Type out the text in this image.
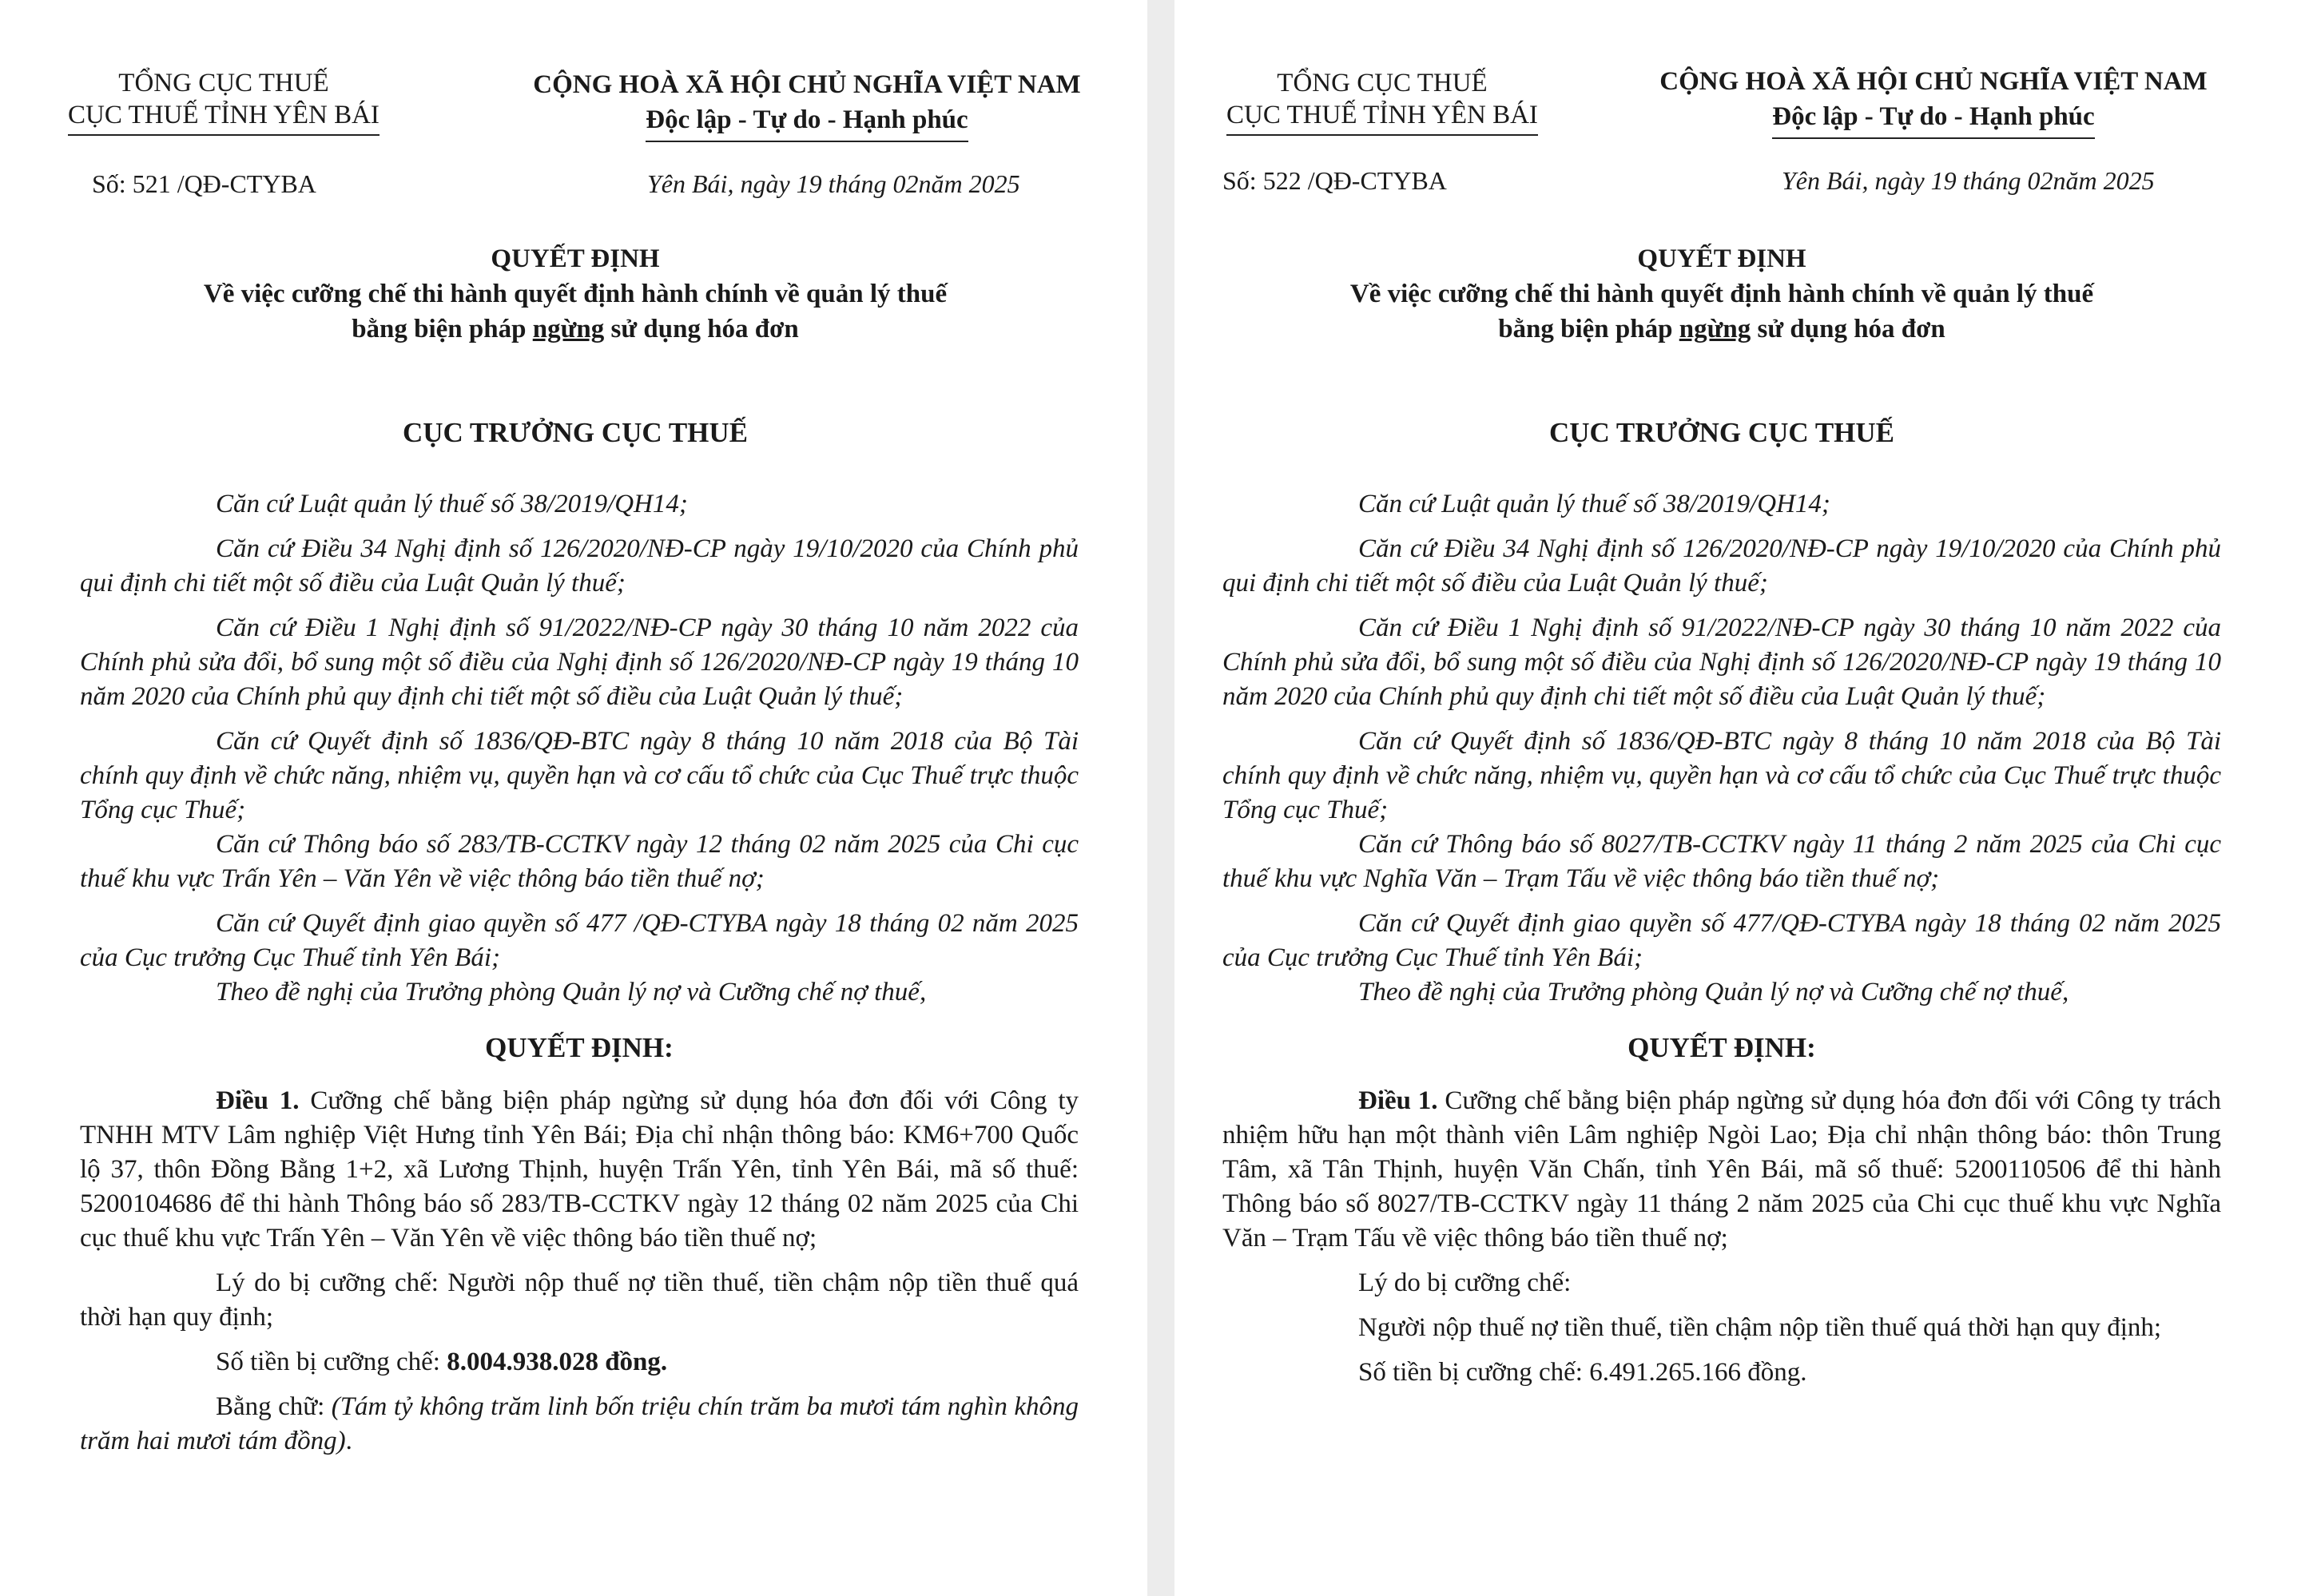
TỔNG CỤC THUẾ
CỤC THUẾ TỈNH YÊN BÁI
CỘNG HOÀ XÃ HỘI CHỦ NGHĨA VIỆT NAM
Độc lập - Tự do - Hạnh phúc
Số: 521 /QĐ-CTYBA	Yên Bái, ngày 19 tháng 02năm 2025
QUYẾT ĐỊNH
Về việc cưỡng chế thi hành quyết định hành chính về quản lý thuế
bằng biện pháp ngừng sử dụng hóa đơn
CỤC TRƯỞNG CỤC THUẾ

Căn cứ Luật quản lý thuế số 38/2019/QH14;

Căn cứ Điều 34 Nghị định số 126/2020/NĐ-CP ngày 19/10/2020 của Chính phủ qui định chi tiết một số điều của Luật Quản lý thuế;

Căn cứ Điều 1 Nghị định số 91/2022/NĐ-CP ngày 30 tháng 10 năm 2022 của Chính phủ sửa đổi, bổ sung một số điều của Nghị định số 126/2020/NĐ-CP ngày 19 tháng 10 năm 2020 của Chính phủ quy định chi tiết một số điều của Luật Quản lý thuế;

Căn cứ Quyết định số 1836/QĐ-BTC ngày 8 tháng 10 năm 2018 của Bộ Tài chính quy định về chức năng, nhiệm vụ, quyền hạn và cơ cấu tổ chức của Cục Thuế trực thuộc Tổng cục Thuế;

Căn cứ Thông báo số 283/TB-CCTKV ngày 12 tháng 02 năm 2025 của Chi cục thuế khu vực Trấn Yên – Văn Yên về việc thông báo tiền thuế nợ;

Căn cứ Quyết định giao quyền số 477 /QĐ-CTYBA ngày 18 tháng 02 năm 2025 của Cục trưởng Cục Thuế tỉnh Yên Bái;

Theo đề nghị của Trưởng phòng Quản lý nợ và Cưỡng chế nợ thuế,

QUYẾT ĐỊNH:

Điều 1. Cưỡng chế bằng biện pháp ngừng sử dụng hóa đơn đối với Công ty TNHH MTV Lâm nghiệp Việt Hưng tỉnh Yên Bái; Địa chỉ nhận thông báo: KM6+700 Quốc lộ 37, thôn Đồng Bằng 1+2, xã Lương Thịnh, huyện Trấn Yên, tỉnh Yên Bái, mã số thuế: 5200104686 để thi hành Thông báo số 283/TB-CCTKV ngày 12 tháng 02 năm 2025 của Chi cục thuế khu vực Trấn Yên – Văn Yên về việc thông báo tiền thuế nợ;

Lý do bị cưỡng chế: Người nộp thuế nợ tiền thuế, tiền chậm nộp tiền thuế quá thời hạn quy định;

Số tiền bị cưỡng chế: 8.004.938.028 đồng.

Bằng chữ: (Tám tỷ không trăm linh bốn triệu chín trăm ba mươi tám nghìn không trăm hai mươi tám đồng).

TỔNG CỤC THUẾ
CỤC THUẾ TỈNH YÊN BÁI
CỘNG HOÀ XÃ HỘI CHỦ NGHĨA VIỆT NAM
Độc lập - Tự do - Hạnh phúc
Số: 522 /QĐ-CTYBA	Yên Bái, ngày 19 tháng 02năm 2025
QUYẾT ĐỊNH
Về việc cưỡng chế thi hành quyết định hành chính về quản lý thuế
bằng biện pháp ngừng sử dụng hóa đơn
CỤC TRƯỞNG CỤC THUẾ

Căn cứ Luật quản lý thuế số 38/2019/QH14;

Căn cứ Điều 34 Nghị định số 126/2020/NĐ-CP ngày 19/10/2020 của Chính phủ qui định chi tiết một số điều của Luật Quản lý thuế;

Căn cứ Điều 1 Nghị định số 91/2022/NĐ-CP ngày 30 tháng 10 năm 2022 của Chính phủ sửa đổi, bổ sung một số điều của Nghị định số 126/2020/NĐ-CP ngày 19 tháng 10 năm 2020 của Chính phủ quy định chi tiết một số điều của Luật Quản lý thuế;

Căn cứ Quyết định số 1836/QĐ-BTC ngày 8 tháng 10 năm 2018 của Bộ Tài chính quy định về chức năng, nhiệm vụ, quyền hạn và cơ cấu tổ chức của Cục Thuế trực thuộc Tổng cục Thuế;

Căn cứ Thông báo số 8027/TB-CCTKV ngày 11 tháng 2 năm 2025 của Chi cục thuế khu vực Nghĩa Văn – Trạm Tấu về việc thông báo tiền thuế nợ;

Căn cứ Quyết định giao quyền số 477/QĐ-CTYBA ngày 18 tháng 02 năm 2025 của Cục trưởng Cục Thuế tỉnh Yên Bái;

Theo đề nghị của Trưởng phòng Quản lý nợ và Cưỡng chế nợ thuế,

QUYẾT ĐỊNH:

Điều 1. Cưỡng chế bằng biện pháp ngừng sử dụng hóa đơn đối với Công ty trách nhiệm hữu hạn một thành viên Lâm nghiệp Ngòi Lao; Địa chỉ nhận thông báo: thôn Trung Tâm, xã Tân Thịnh, huyện Văn Chấn, tỉnh Yên Bái, mã số thuế: 5200110506 để thi hành Thông báo số 8027/TB-CCTKV ngày 11 tháng 2 năm 2025 của Chi cục thuế khu vực Nghĩa Văn – Trạm Tấu về việc thông báo tiền thuế nợ;

Lý do bị cưỡng chế:

Người nộp thuế nợ tiền thuế, tiền chậm nộp tiền thuế quá thời hạn quy định;

Số tiền bị cưỡng chế: 6.491.265.166 đồng.
